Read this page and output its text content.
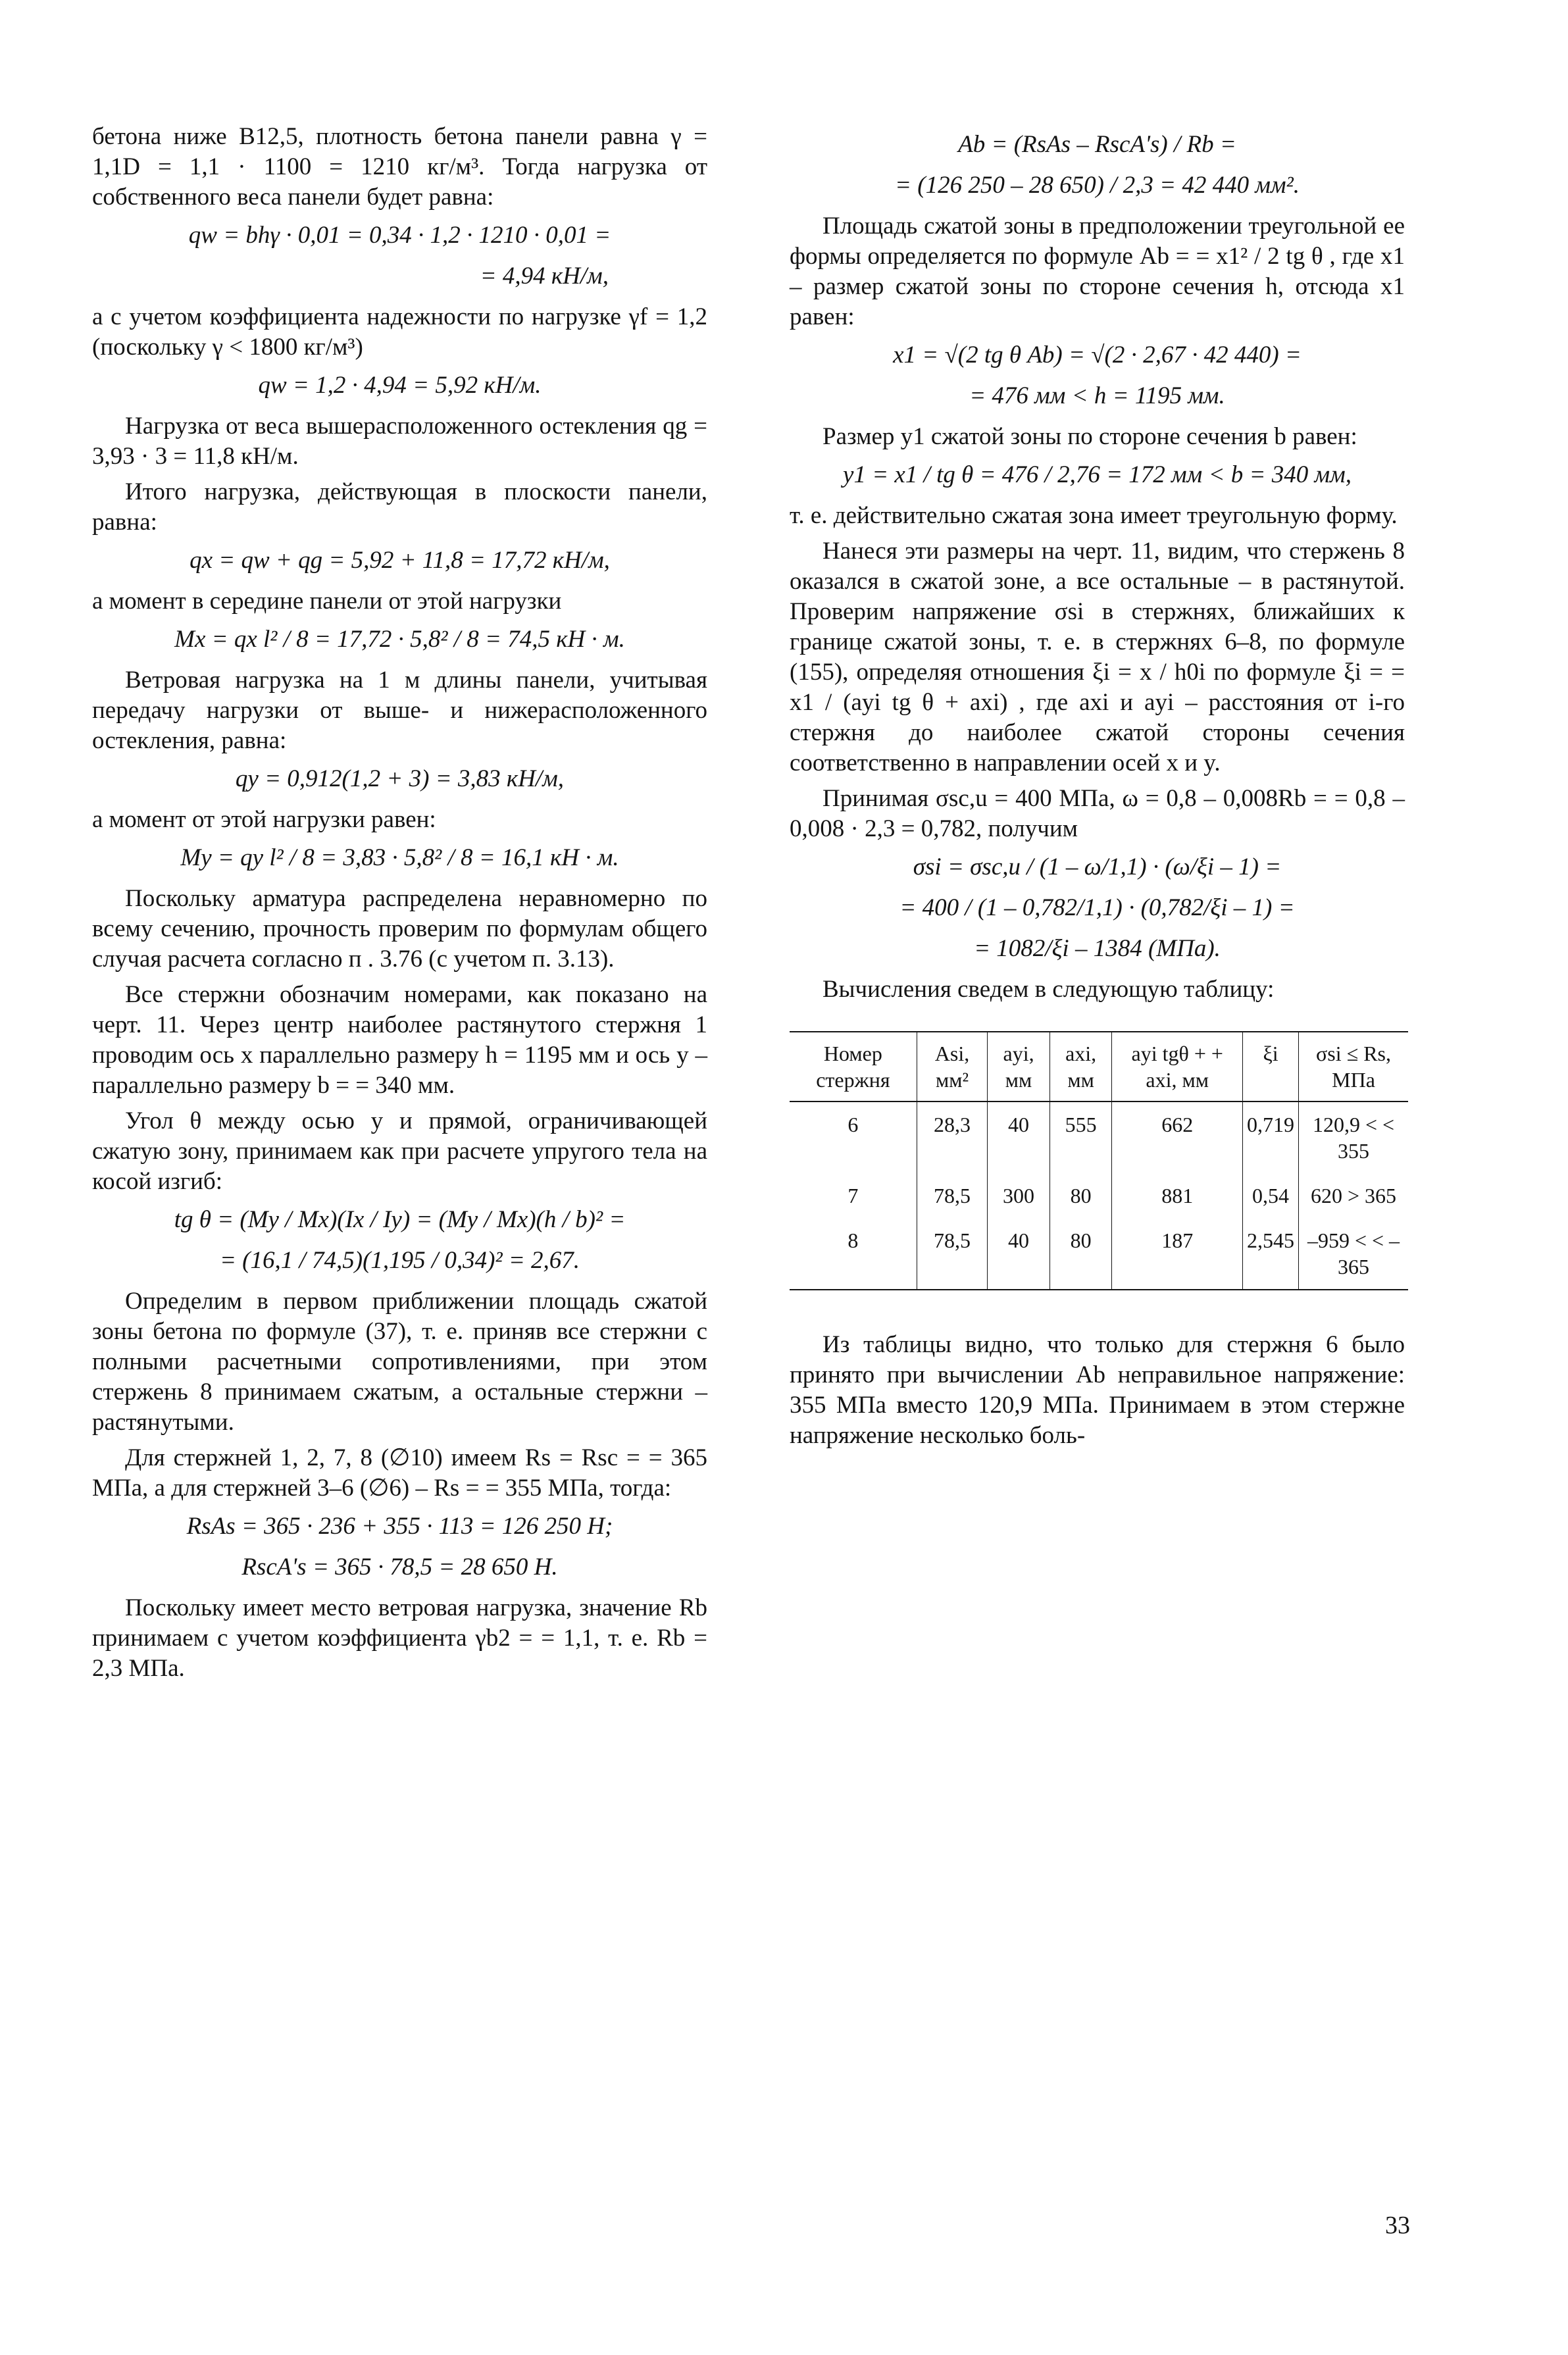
бетона ниже В12,5, плотность бетона панели равна γ = 1,1D = 1,1 · 1100 = 1210 кг/м³. Тогда нагрузка от собственного веса панели будет равна:

qw = bhγ · 0,01 = 0,34 · 1,2 · 1210 · 0,01 =
= 4,94 кН/м,

а с учетом коэффициента надежности по нагрузке γf = 1,2 (поскольку γ < 1800 кг/м³)

qw = 1,2 · 4,94 = 5,92 кН/м.

Нагрузка от веса вышерасположенного остекления qg = 3,93 · 3 = 11,8 кН/м.

Итого нагрузка, действующая в плоскости панели, равна:

qx = qw + qg = 5,92 + 11,8 = 17,72 кН/м,

а момент в середине панели от этой нагрузки

Mx = qx l² / 8 = 17,72 · 5,8² / 8 = 74,5 кН · м.

Ветровая нагрузка на 1 м длины панели, учитывая передачу нагрузки от выше- и нижерасположенного остекления, равна:

qy = 0,912(1,2 + 3) = 3,83 кН/м,

а момент от этой нагрузки равен:

My = qy l² / 8 = 3,83 · 5,8² / 8 = 16,1 кН · м.

Поскольку арматура распределена неравномерно по всему сечению, прочность проверим по формулам общего случая расчета согласно п . 3.76 (с учетом п. 3.13).

Все стержни обозначим номерами, как показано на черт. 11. Через центр наиболее растянутого стержня 1 проводим ось x параллельно размеру h = 1195 мм и ось y – параллельно размеру b = = 340 мм.

Угол θ между осью y и прямой, ограничивающей сжатую зону, принимаем как при расчете упругого тела на косой изгиб:

tg θ = (My / Mx)(Ix / Iy) = (My / Mx)(h / b)² =
= (16,1 / 74,5)(1,195 / 0,34)² = 2,67.

Определим в первом приближении площадь сжатой зоны бетона по формуле (37), т. е. приняв все стержни с полными расчетными сопротивлениями, при этом стержень 8 принимаем сжатым, а остальные стержни – растянутыми.

Для стержней 1, 2, 7, 8 (∅10) имеем Rs = Rsc = = 365 МПа, а для стержней 3–6 (∅6) – Rs = = 355 МПа, тогда:

RsAs = 365 · 236 + 355 · 113 = 126 250 Н;
RscA's = 365 · 78,5 = 28 650 Н.

Поскольку имеет место ветровая нагрузка, значение Rb принимаем с учетом коэффициента γb2 = = 1,1, т. е. Rb = 2,3 МПа.

Ab = (RsAs – RscA's) / Rb =
= (126 250 – 28 650) / 2,3 = 42 440 мм².

Площадь сжатой зоны в предположении треугольной ее формы определяется по формуле Ab = = x1² / 2 tg θ , где x1 – размер сжатой зоны по стороне сечения h, отсюда x1 равен:

x1 = √(2 tg θ Ab) = √(2 · 2,67 · 42 440) =
= 476 мм < h = 1195 мм.

Размер y1 сжатой зоны по стороне сечения b равен:

y1 = x1 / tg θ = 476 / 2,76 = 172 мм < b = 340 мм,

т. е. действительно сжатая зона имеет треугольную форму.

Нанеся эти размеры на черт. 11, видим, что стержень 8 оказался в сжатой зоне, а все остальные – в растянутой. Проверим напряжение σsi в стержнях, ближайших к границе сжатой зоны, т. е. в стержнях 6–8, по формуле (155), определяя отношения ξi = x / h0i по формуле ξi = = x1 / (ayi tg θ + axi) , где axi и ayi – расстояния от i-го стержня до наиболее сжатой стороны сечения соответственно в направлении осей x и y.

Принимая σsc,u = 400 МПа, ω = 0,8 – 0,008Rb = = 0,8 – 0,008 · 2,3 = 0,782, получим

σsi = σsc,u / (1 – ω/1,1) · (ω/ξi – 1) =
= 400 / (1 – 0,782/1,1) · (0,782/ξi – 1) =
= 1082/ξi – 1384 (МПа).

Вычисления сведем в следующую таблицу:

Номер стержня	Asi, мм²	ayi, мм	axi, мм	ayi tgθ + + axi, мм	ξi	σsi ≤ Rs, МПа
6	28,3	40	555	662	0,719	120,9 < < 355
7	78,5	300	80	881	0,54	620 > 365
8	78,5	40	80	187	2,545	–959 < < –365

Из таблицы видно, что только для стержня 6 было принято при вычислении Ab неправильное напряжение: 355 МПа вместо 120,9 МПа. Принимаем в этом стержне напряжение несколько боль-

33
